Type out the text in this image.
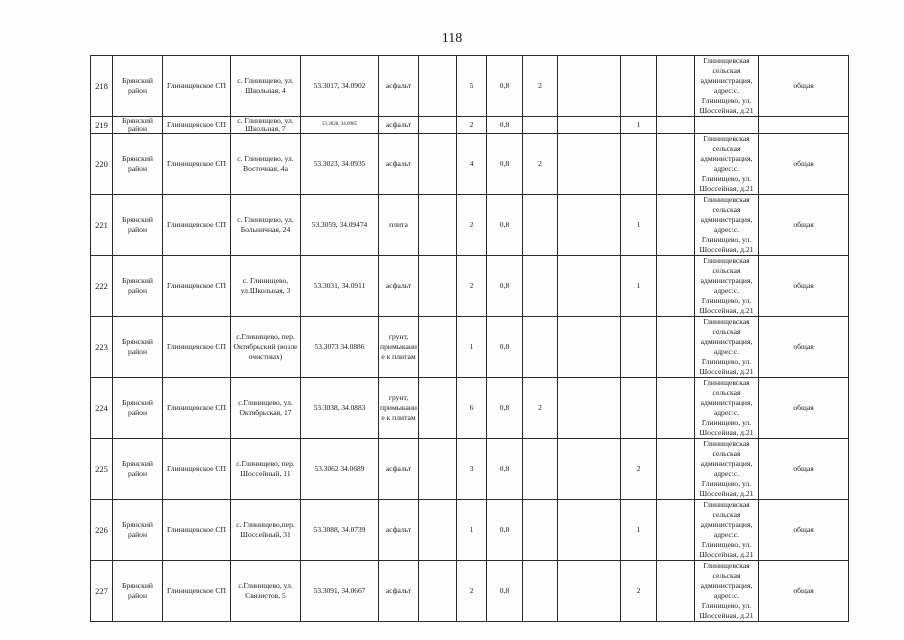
118
218	Брянский район	Глинищевское СП	с. Глинищево, ул. Школьная, 4	53.3017, 34.0902	асфальт		5	0,8	2				Глинищевская сельская администрация, адрес:с. Глинищево, ул. Шоссейная, д.21	общая
219	Брянский район	Глинищевское СП	с. Глинищево, ул. Школьная, 7	53.3028, 34.0905	асфальт		2	0,8			1			
220	Брянский район	Глинищевское СП	с. Глинищево, ул. Восточная, 4а	53.3023, 34.0935	асфальт		4	0,8	2				Глинищевская сельская администрация, адрес:с. Глинищево, ул. Шоссейная, д.21	общая
221	Брянский район	Глинищевское СП	с. Глинищево, ул. Больничная, 24	53.3059, 34.09474	плита		2	0,8			1		Глинищевская сельская администрация, адрес:с. Глинищево, ул. Шоссейная, д.21	общая
222	Брянский район	Глинищевское СП	с. Глинищево, ул.Школьная, 3	53.3031, 34.0911	асфальт		2	0,8			1		Глинищевская сельская администрация, адрес:с. Глинищево, ул. Шоссейная, д.21	общая
223	Брянский район	Глинищевское СП	с.Глинищево, пер. Октябрьский (возле очистных)	53.3073 34.0886	грунт, примыкание к плитам		1	0,8					Глинищевская сельская администрация, адрес:с. Глинищево, ул. Шоссейная, д.21	общая
224	Брянский район	Глинищевское СП	с.Глинищево, ул. Октябрьская, 17	53.3038, 34.0883	грунт, примыкание к плитам		6	0,8	2				Глинищевская сельская администрация, адрес:с. Глинищево, ул. Шоссейная, д.21	общая
225	Брянский район	Глинищевское СП	с.Глинищево, пер. Шоссейный, 11	53.3062 34.0689	асфальт		3	0,8			2		Глинищевская сельская администрация, адрес:с. Глинищево, ул. Шоссейная, д.21	общая
226	Брянский район	Глинищевское СП	с. Глинищево,пер. Шоссейный, 31	53.3088, 34.0739	асфальт		1	0,8			1		Глинищевская сельская администрация, адрес:с. Глинищево, ул. Шоссейная, д.21	общая
227	Брянский район	Глинищевское СП	с.Глинищево, ул. Связистов, 5	53.3091, 34.0667	асфальт		2	0,8			2		Глинищевская сельская администрация, адрес:с. Глинищево, ул. Шоссейная, д.21	общая
